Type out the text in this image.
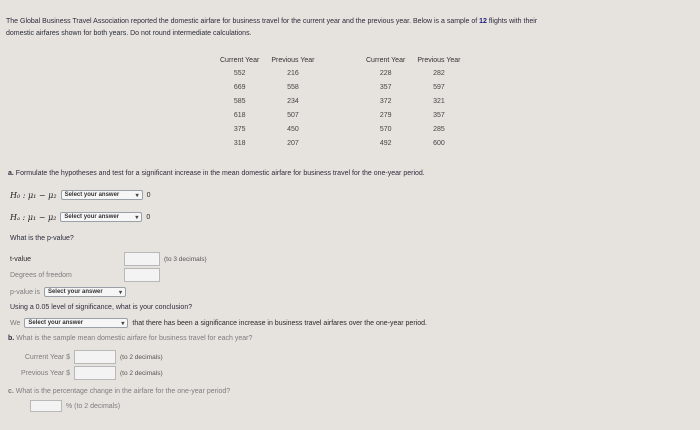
The Global Business Travel Association reported the domestic airfare for business travel for the current year and the previous year. Below is a sample of 12 flights with their
domestic airfares shown for both years. Do not round intermediate calculations.
Current Year	Previous Year
552	216
669	558
585	234
618	507
375	450
318	207
Current Year	Previous Year
228	282
357	597
372	321
279	357
570	285
492	600
a. Formulate the hypotheses and test for a significant increase in the mean domestic airfare for business travel for the one-year period.
H₀ : μ₁ − μ₂ Select your answer	▾ 0
Hₐ : μ₁ − μ₂ Select your answer	▾ 0
What is the p-value?
t-value	(to 3 decimals)
Degrees of freedom
p-value is Select your answer	▾
Using a 0.05 level of significance, what is your conclusion?
We Select your answer	▾ that there has been a significance increase in business travel airfares over the one-year period.
b. What is the sample mean domestic airfare for business travel for each year?
Current Year $	(to 2 decimals)
Previous Year $	(to 2 decimals)
c. What is the percentage change in the airfare for the one-year period?
% (to 2 decimals)
